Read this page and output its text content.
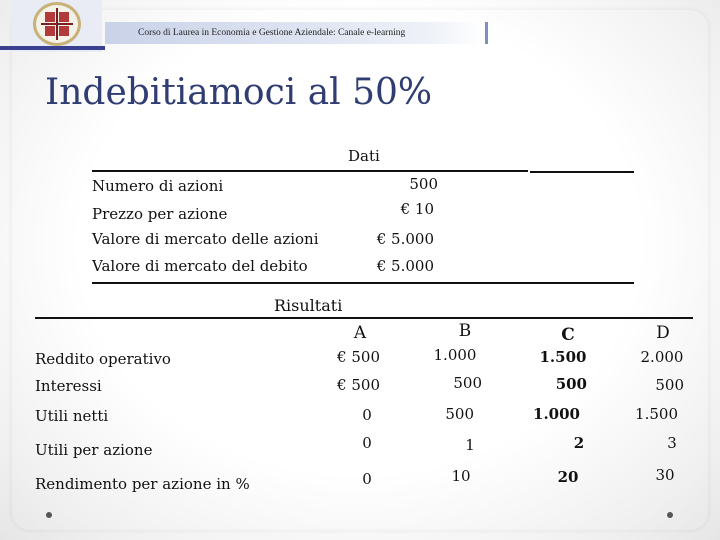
Corso di Laurea in Economia e Gestione Aziendale: Canale e-learning
Indebitiamoci al 50%
Dati
Numero di azioni	500
Prezzo per azione	€ 10
Valore di mercato delle azioni	€ 5.000
Valore di mercato del debito	€ 5.000
Risultati
A	B	C	D
Reddito operativo	€ 500	1.000	1.500	2.000
Interessi	€ 500	500	500	500
Utili netti	0	500	1.000	1.500
Utili per azione	0	1	2	3
Rendimento per azione in %	0	10	20	30
